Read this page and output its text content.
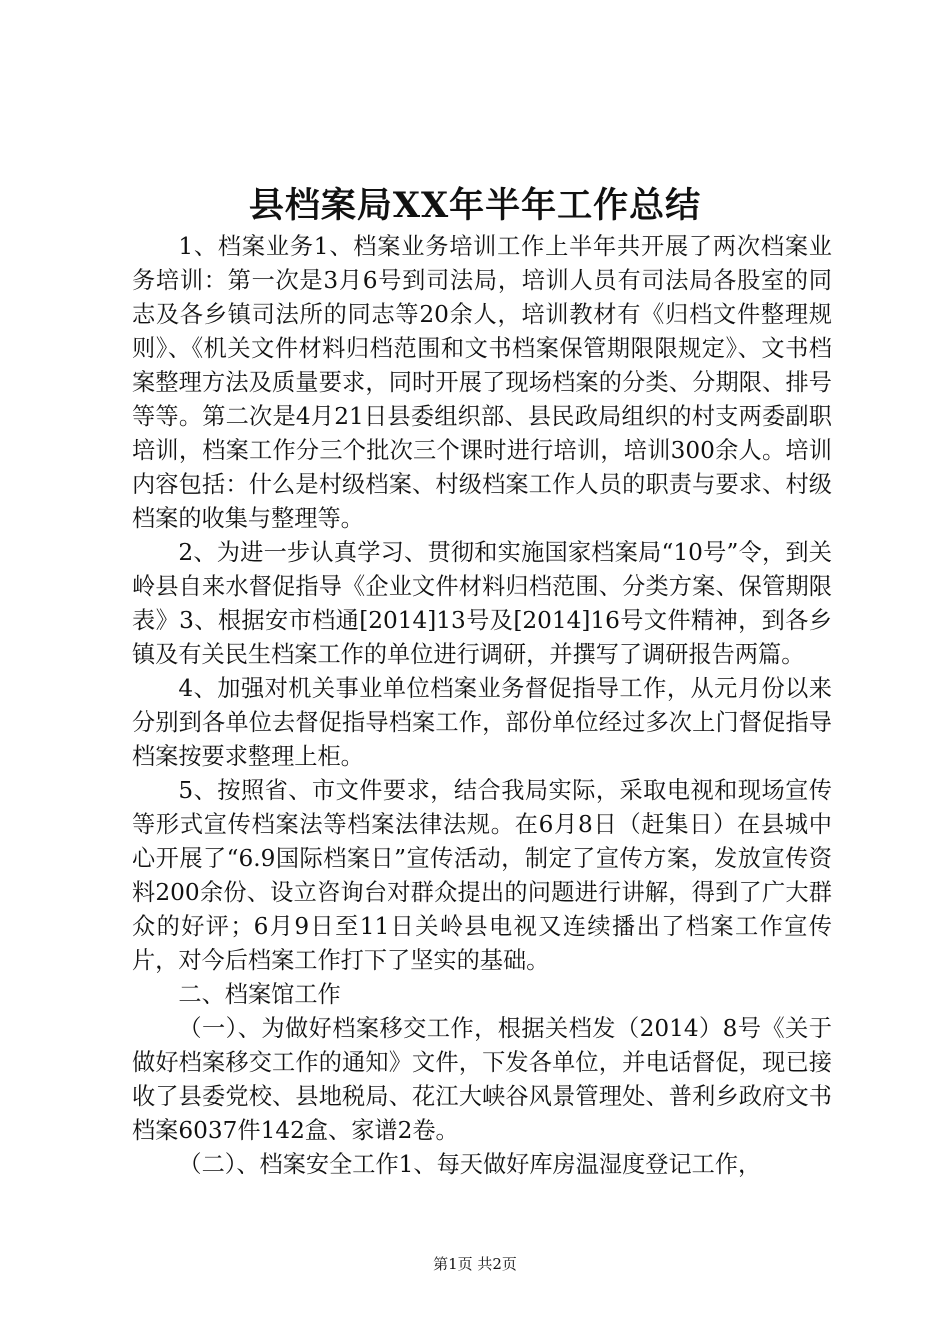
县档案局XX年半年工作总结

1、档案业务1、档案业务培训工作上半年共开展了两次档案业务培训：第一次是3月6号到司法局，培训人员有司法局各股室的同志及各乡镇司法所的同志等20余人，培训教材有《归档文件整理规则》、《机关文件材料归档范围和文书档案保管期限限规定》、文书档案整理方法及质量要求，同时开展了现场档案的分类、分期限、排号等等。第二次是4月21日县委组织部、县民政局组织的村支两委副职培训，档案工作分三个批次三个课时进行培训，培训300余人。培训内容包括：什么是村级档案、村级档案工作人员的职责与要求、村级档案的收集与整理等。

2、为进一步认真学习、贯彻和实施国家档案局“10号”令，到关岭县自来水督促指导《企业文件材料归档范围、分类方案、保管期限表》3、根据安市档通[2014]13号及[2014]16号文件精神，到各乡镇及有关民生档案工作的单位进行调研，并撰写了调研报告两篇。

4、加强对机关事业单位档案业务督促指导工作，从元月份以来分别到各单位去督促指导档案工作，部份单位经过多次上门督促指导档案按要求整理上柜。

5、按照省、市文件要求，结合我局实际，采取电视和现场宣传等形式宣传档案法等档案法律法规。在6月8日（赶集日）在县城中心开展了“6.9国际档案日”宣传活动，制定了宣传方案，发放宣传资料200余份、设立咨询台对群众提出的问题进行讲解，得到了广大群众的好评；6月9日至11日关岭县电视又连续播出了档案工作宣传片，对今后档案工作打下了坚实的基础。

二、档案馆工作

（一）、为做好档案移交工作，根据关档发（2014）8号《关于做好档案移交工作的通知》文件，下发各单位，并电话督促，现已接收了县委党校、县地税局、花江大峡谷风景管理处、普利乡政府文书档案6037件142盒、家谱2卷。

（二）、档案安全工作1、每天做好库房温湿度登记工作，

第1页 共2页
